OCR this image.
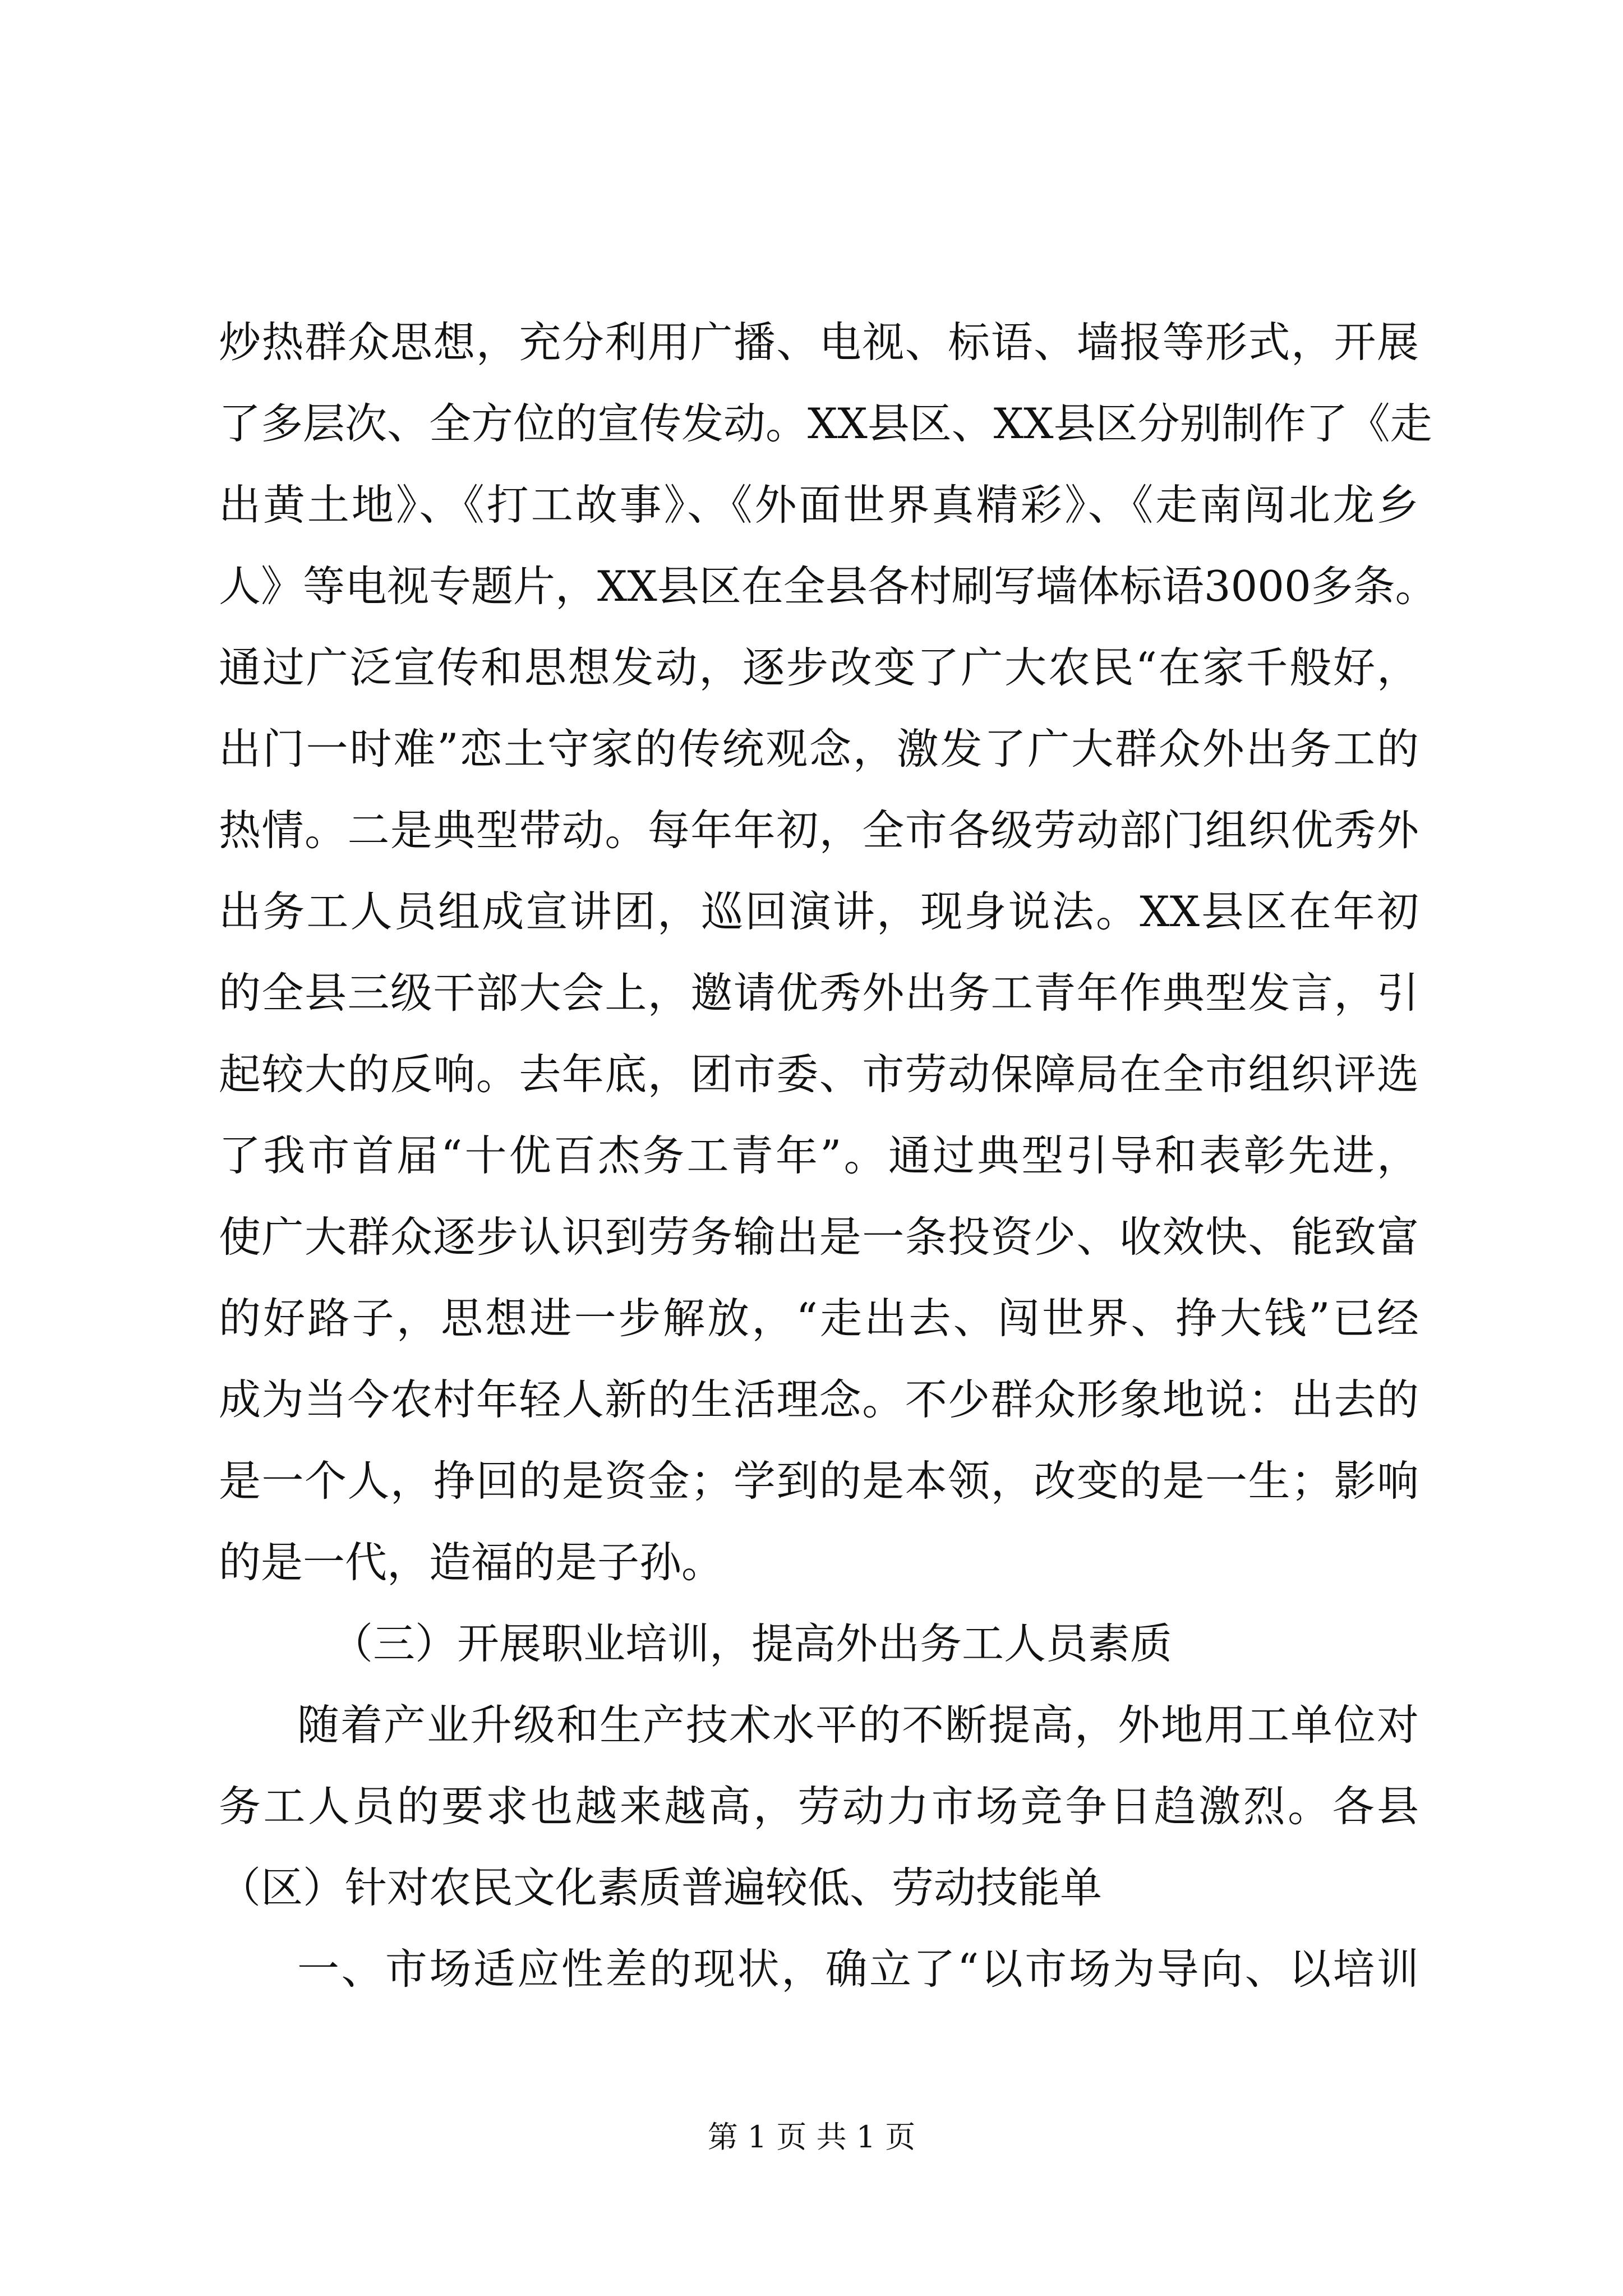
炒热群众思想，充分利用广播、电视、标语、墙报等形式，开展
了多层次、全方位的宣传发动。XX县区、XX县区分别制作了《走
出黄土地》、《打工故事》、《外面世界真精彩》、《走南闯北龙乡
人》等电视专题片，XX县区在全县各村刷写墙体标语3000多条。
通过广泛宣传和思想发动，逐步改变了广大农民“在家千般好，
出门一时难”恋土守家的传统观念，激发了广大群众外出务工的
热情。二是典型带动。每年年初，全市各级劳动部门组织优秀外
出务工人员组成宣讲团，巡回演讲，现身说法。XX县区在年初
的全县三级干部大会上，邀请优秀外出务工青年作典型发言，引
起较大的反响。去年底，团市委、市劳动保障局在全市组织评选
了我市首届“十优百杰务工青年”。通过典型引导和表彰先进，
使广大群众逐步认识到劳务输出是一条投资少、收效快、能致富
的好路子，思想进一步解放，“走出去、闯世界、挣大钱”已经
成为当今农村年轻人新的生活理念。不少群众形象地说：出去的
是一个人，挣回的是资金；学到的是本领，改变的是一生；影响
的是一代，造福的是子孙。
（三）开展职业培训，提高外出务工人员素质
随着产业升级和生产技术水平的不断提高，外地用工单位对
务工人员的要求也越来越高，劳动力市场竞争日趋激烈。各县
（区）针对农民文化素质普遍较低、劳动技能单
一、市场适应性差的现状，确立了“以市场为导向、以培训
第 1 页 共 1 页
